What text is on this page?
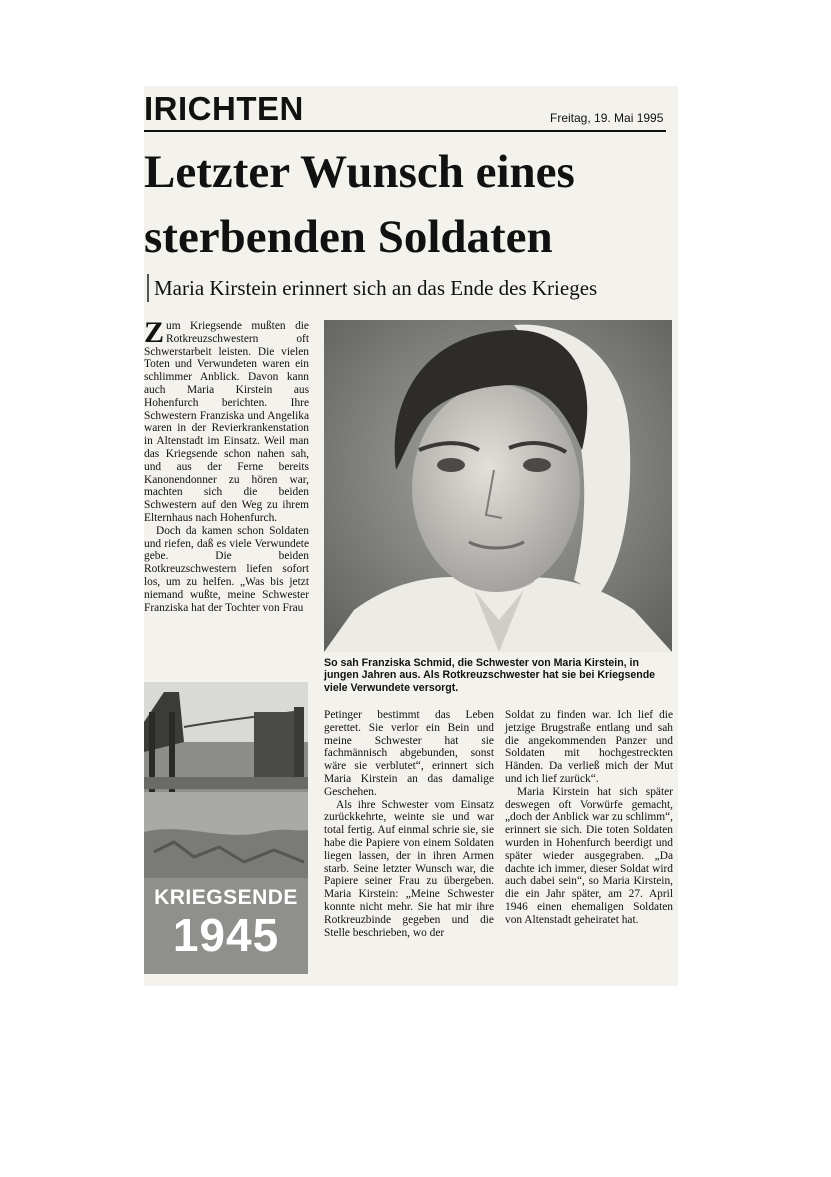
IRICHTEN	Freitag, 19. Mai 1995
Letzter Wunsch eines
sterbenden Soldaten
Maria Kirstein erinnert sich an das Ende des Krieges

Zum Kriegsende mußten die Rotkreuzschwestern oft Schwerstarbeit leisten. Die vielen Toten und Verwundeten waren ein schlimmer Anblick. Davon kann auch Maria Kirstein aus Hohenfurch berichten. Ihre Schwestern Franziska und Angelika waren in der Revierkrankenstation in Altenstadt im Einsatz. Weil man das Kriegsende schon nahen sah, und aus der Ferne bereits Kanonendonner zu hören war, machten sich die beiden Schwestern auf den Weg zu ihrem Elternhaus nach Hohenfurch.

Doch da kamen schon Soldaten und riefen, daß es viele Verwundete gebe. Die beiden Rotkreuzschwestern liefen sofort los, um zu helfen. „Was bis jetzt niemand wußte, meine Schwester Franziska hat der Tochter von Frau

So sah Franziska Schmid, die Schwester von Maria Kirstein, in jungen Jahren aus. Als Rotkreuzschwester hat sie bei Kriegsende viele Verwundete versorgt.

Petinger bestimmt das Leben gerettet. Sie verlor ein Bein und meine Schwester hat sie fachmännisch abgebunden, sonst wäre sie verblutet“, erinnert sich Maria Kirstein an das damalige Geschehen.

Als ihre Schwester vom Einsatz zurückkehrte, weinte sie und war total fertig. Auf einmal schrie sie, sie habe die Papiere von einem Soldaten liegen lassen, der in ihren Armen starb. Seine letzter Wunsch war, die Papiere seiner Frau zu übergeben. Maria Kirstein: „Meine Schwester konnte nicht mehr. Sie hat mir ihre Rotkreuzbinde gegeben und die Stelle beschrieben, wo der

Soldat zu finden war. Ich lief die jetzige Brugstraße entlang und sah die angekommenden Panzer und Soldaten mit hochgestreckten Händen. Da verließ mich der Mut und ich lief zurück“.

Maria Kirstein hat sich später deswegen oft Vorwürfe gemacht, „doch der Anblick war zu schlimm“, erinnert sie sich. Die toten Soldaten wurden in Hohenfurch beerdigt und später wieder ausgegraben. „Da dachte ich immer, dieser Soldat wird auch dabei sein“, so Maria Kirstein, die ein Jahr später, am 27. April 1946 einen ehemaligen Soldaten von Altenstadt geheiratet hat.

KRIEGSENDE
1945
